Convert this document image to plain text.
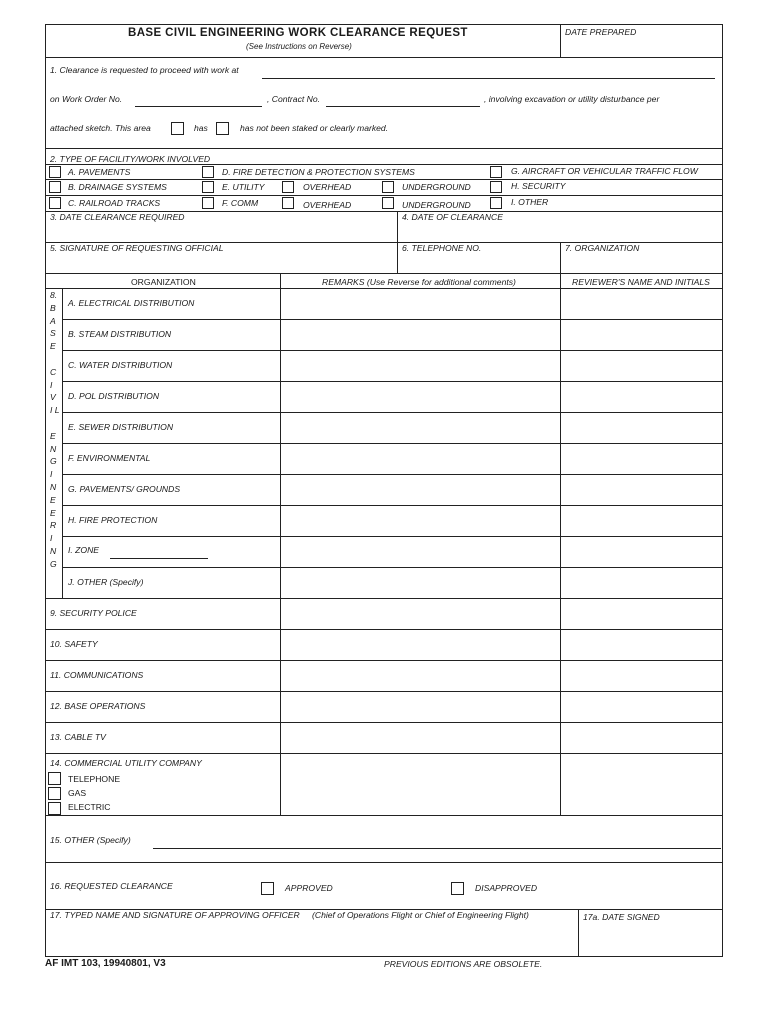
BASE CIVIL ENGINEERING WORK CLEARANCE REQUEST
(See Instructions on Reverse)
DATE PREPARED
1. Clearance is requested to proceed with work at
on Work Order No.	, Contract No.	, involving excavation or utility disturbance per
attached sketch. This area	has	has not been staked or clearly marked.
2. TYPE OF FACILITY/WORK INVOLVED
A. PAVEMENTS	D. FIRE DETECTION & PROTECTION SYSTEMS	G. AIRCRAFT OR VEHICULAR TRAFFIC FLOW
B. DRAINAGE SYSTEMS	E. UTILITY	OVERHEAD	UNDERGROUND	H. SECURITY
C. RAILROAD TRACKS	F. COMM	OVERHEAD	UNDERGROUND	I. OTHER
3. DATE CLEARANCE REQUIRED	4. DATE OF CLEARANCE
5. SIGNATURE OF REQUESTING OFFICIAL	6. TELEPHONE NO.	7. ORGANIZATION
ORGANIZATION	REMARKS (Use Reverse for additional comments)	REVIEWER'S NAME AND INITIALS
8.
B
A
S
E
C
I
V
I L
E
N
G
I
N
E
E
R
I
N
G
A. ELECTRICAL DISTRIBUTION
B. STEAM DISTRIBUTION
C. WATER DISTRIBUTION
D. POL DISTRIBUTION
E. SEWER DISTRIBUTION
F. ENVIRONMENTAL
G. PAVEMENTS/ GROUNDS
H. FIRE PROTECTION
I. ZONE
J. OTHER (Specify)
9. SECURITY POLICE
10. SAFETY
11. COMMUNICATIONS
12. BASE OPERATIONS
13. CABLE TV
14. COMMERCIAL UTILITY COMPANY
TELEPHONE
GAS
ELECTRIC
15. OTHER (Specify)
16. REQUESTED CLEARANCE	APPROVED	DISAPPROVED
17. TYPED NAME AND SIGNATURE OF APPROVING OFFICER (Chief of Operations Flight or Chief of Engineering Flight)	17a. DATE SIGNED
AF IMT 103, 19940801, V3	PREVIOUS EDITIONS ARE OBSOLETE.
